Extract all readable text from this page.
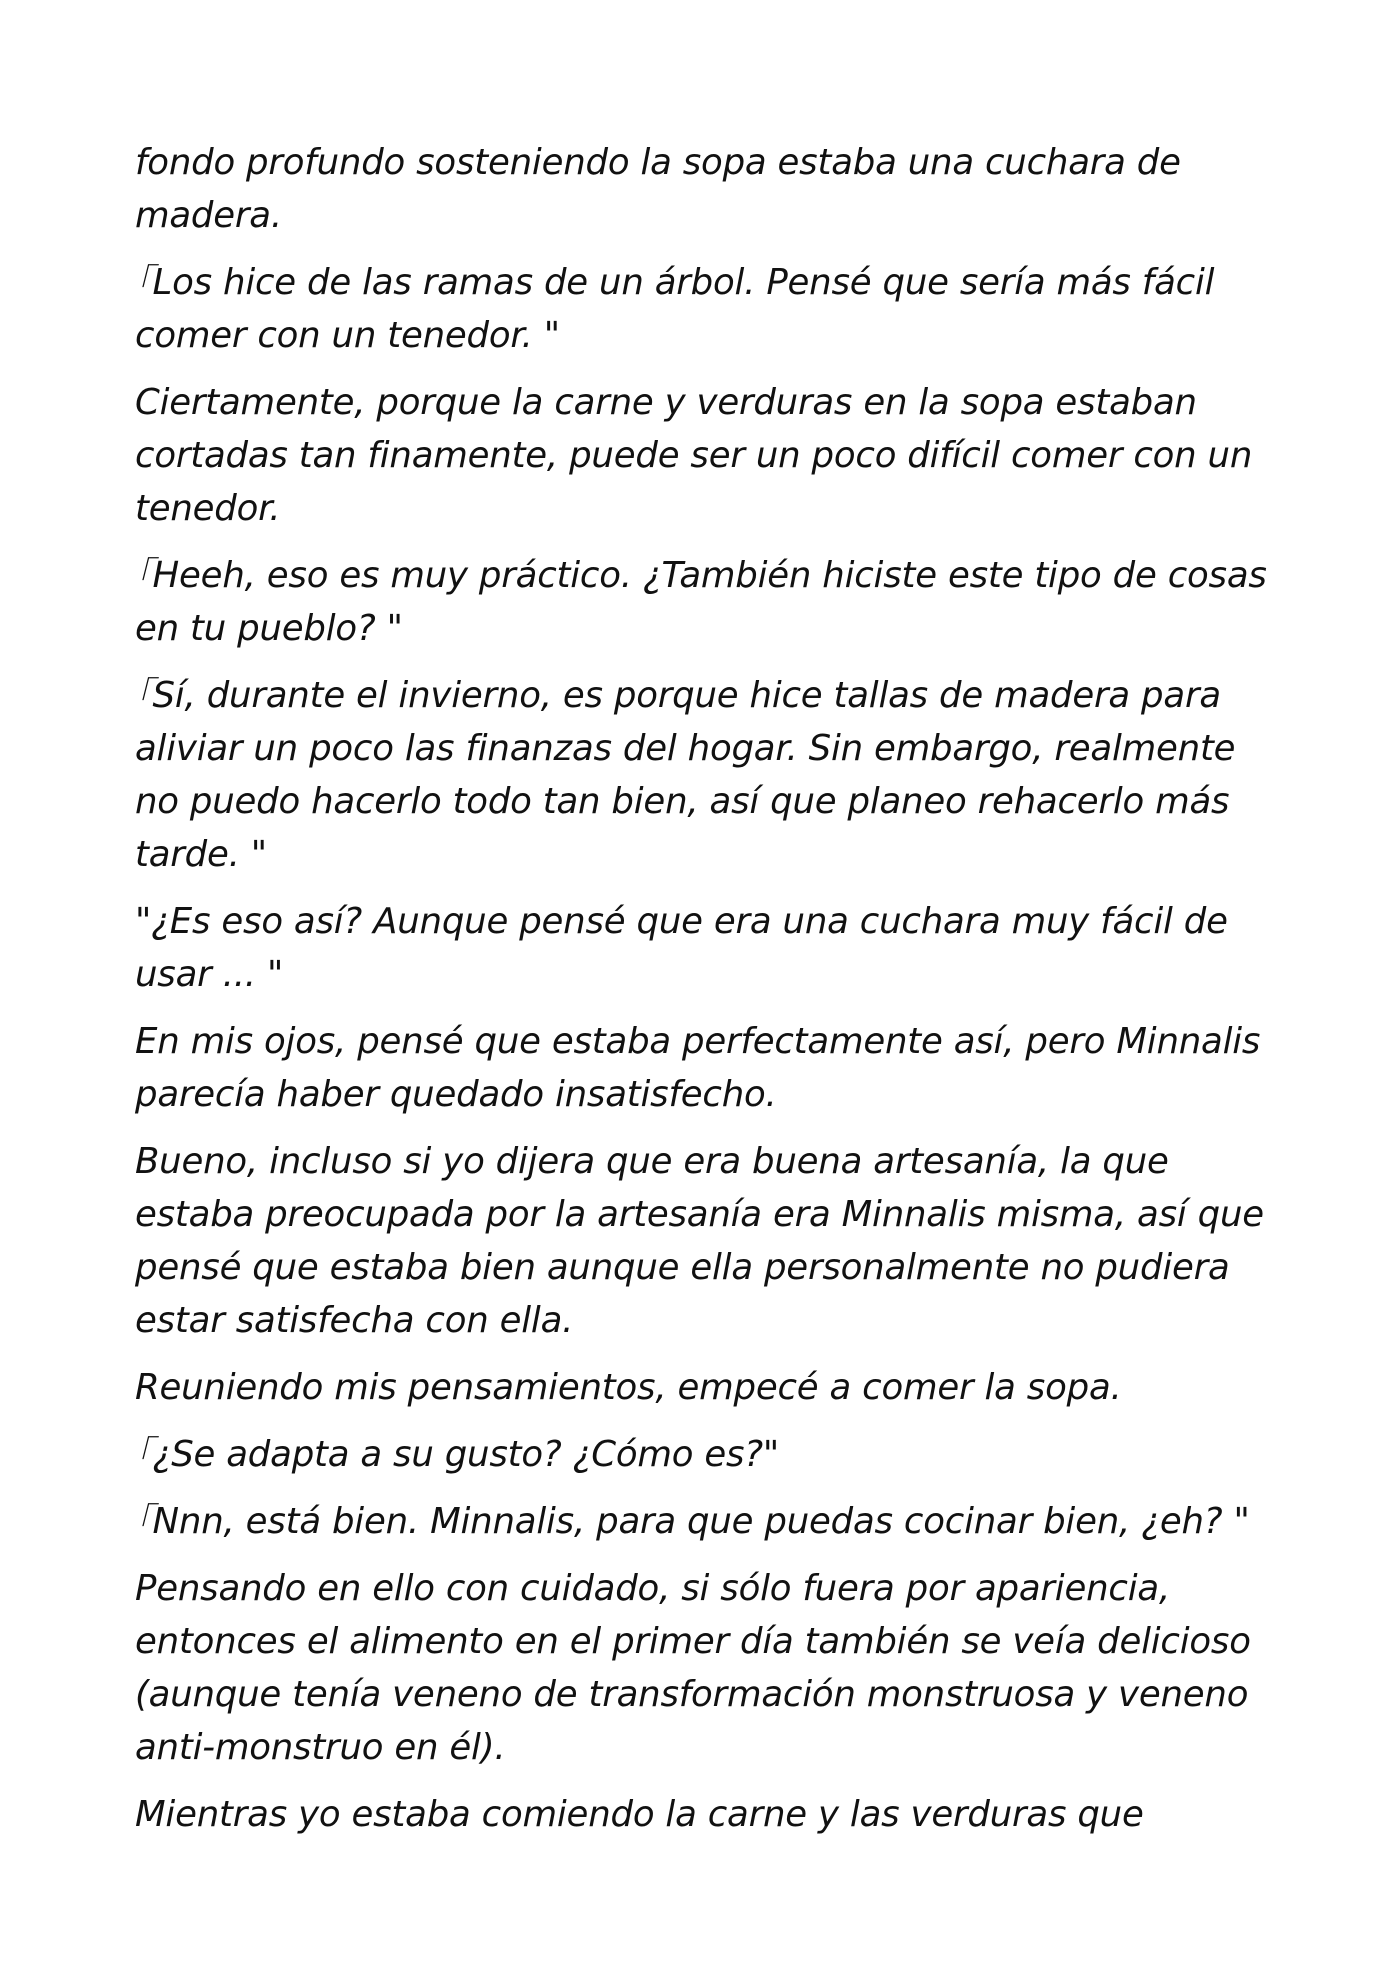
fondo profundo sosteniendo la sopa estaba una cuchara de madera.

｢Los hice de las ramas de un árbol. Pensé que sería más fácil comer con un tenedor. "

Ciertamente, porque la carne y verduras en la sopa estaban cortadas tan finamente, puede ser un poco difícil comer con un tenedor.

｢Heeh, eso es muy práctico. ¿También hiciste este tipo de cosas en tu pueblo? "

｢Sí, durante el invierno, es porque hice tallas de madera para aliviar un poco las finanzas del hogar. Sin embargo, realmente no puedo hacerlo todo tan bien, así que planeo rehacerlo más tarde. "

"¿Es eso así? Aunque pensé que era una cuchara muy fácil de usar ... "

En mis ojos, pensé que estaba perfectamente así, pero Minnalis parecía haber quedado insatisfecho.

Bueno, incluso si yo dijera que era buena artesanía, la que estaba preocupada por la artesanía era Minnalis misma, así que pensé que estaba bien aunque ella personalmente no pudiera estar satisfecha con ella.

Reuniendo mis pensamientos, empecé a comer la sopa.

｢¿Se adapta a su gusto? ¿Cómo es?"

｢Nnn, está bien. Minnalis, para que puedas cocinar bien, ¿eh? "

Pensando en ello con cuidado, si sólo fuera por apariencia, entonces el alimento en el primer día también se veía delicioso (aunque tenía veneno de transformación monstruosa y veneno anti-monstruo en él).

Mientras yo estaba comiendo la carne y las verduras que
